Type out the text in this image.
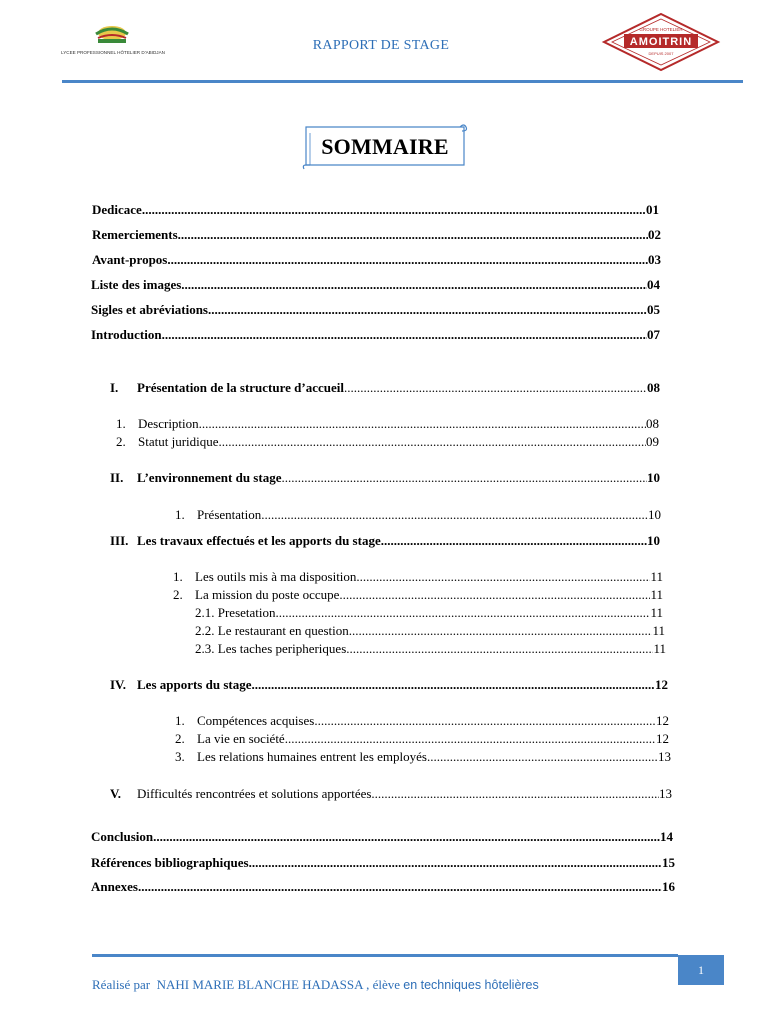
LYCEE PROFESSIONNEL HÔTELIER D'ABIDJAN	RAPPORT DE STAGE	AMOITRIN
GROUPE HOTELIER
DEPUIS 2007
SOMMAIRE
Dedicace .....	01
Remerciements .....	02
Avant-propos .....	03
Liste des images .....	04
Sigles et abréviations .....	05
Introduction .....	07
I.	Présentation de la structure d’accueil .....	08
1. Description .....	08
2. Statut juridique .....	09
II.	L’environnement du stage .....	10
1. Présentation .....	10
III. Les travaux effectués et les apports du stage .....	10
1. Les outils mis à ma disposition .....	11
2. La mission du poste occupe .....	11
2.1. Presetation .....	11
2.2. Le restaurant en question .....	11
2.3. Les taches peripheriques .....	11
IV. Les apports du stage .....	12
1. Compétences acquises .....	12
2. La vie en société .....	12
3. Les relations humaines entrent les employés .....	13
V.	Difficultés rencontrées et solutions apportées .....	13
Conclusion .....	14
Références bibliographiques .....	15
Annexes .....	16
1
Réalisé par  NAHI MARIE BLANCHE HADASSA , élève en techniques hôtelières
